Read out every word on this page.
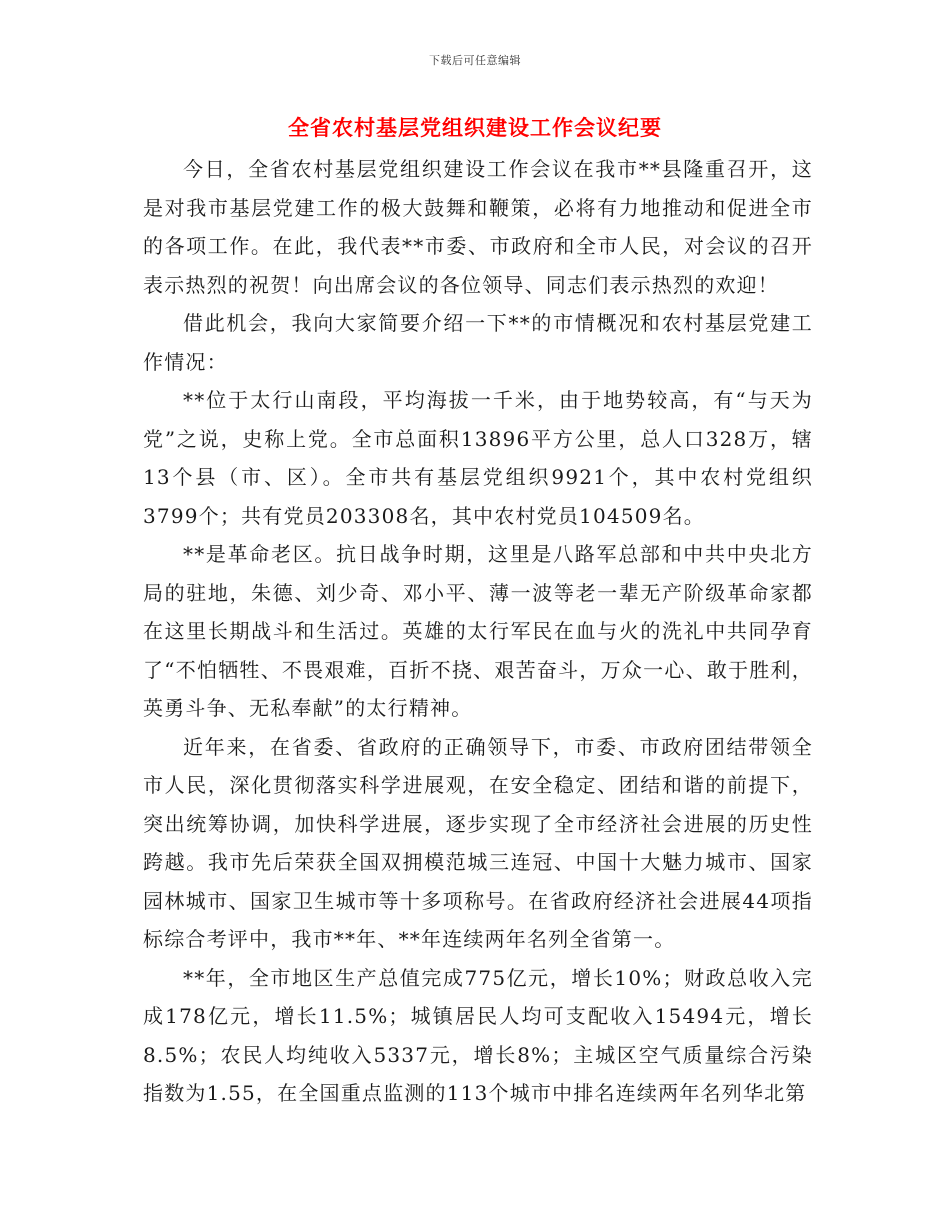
下载后可任意编辑
全省农村基层党组织建设工作会议纪要

今日，全省农村基层党组织建设工作会议在我市**县隆重召开，这是对我市基层党建工作的极大鼓舞和鞭策，必将有力地推动和促进全市的各项工作。在此，我代表**市委、市政府和全市人民，对会议的召开表示热烈的祝贺！向出席会议的各位领导、同志们表示热烈的欢迎！

借此机会，我向大家简要介绍一下**的市情概况和农村基层党建工作情况：

**位于太行山南段，平均海拔一千米，由于地势较高，有“与天为党”之说，史称上党。全市总面积13896平方公里，总人口328万，辖13个县（市、区）。全市共有基层党组织9921个，其中农村党组织3799个；共有党员203308名，其中农村党员104509名。

**是革命老区。抗日战争时期，这里是八路军总部和中共中央北方局的驻地，朱德、刘少奇、邓小平、薄一波等老一辈无产阶级革命家都在这里长期战斗和生活过。英雄的太行军民在血与火的洗礼中共同孕育了“不怕牺牲、不畏艰难，百折不挠、艰苦奋斗，万众一心、敢于胜利，英勇斗争、无私奉献”的太行精神。

近年来，在省委、省政府的正确领导下，市委、市政府团结带领全市人民，深化贯彻落实科学进展观，在安全稳定、团结和谐的前提下，突出统筹协调，加快科学进展，逐步实现了全市经济社会进展的历史性跨越。我市先后荣获全国双拥模范城三连冠、中国十大魅力城市、国家园林城市、国家卫生城市等十多项称号。在省政府经济社会进展44项指标综合考评中，我市**年、**年连续两年名列全省第一。

**年，全市地区生产总值完成775亿元，增长10%；财政总收入完成178亿元，增长11.5%；城镇居民人均可支配收入15494元，增长8.5%；农民人均纯收入5337元，增长8%；主城区空气质量综合污染指数为1.55，在全国重点监测的113个城市中排名连续两年名列华北第
